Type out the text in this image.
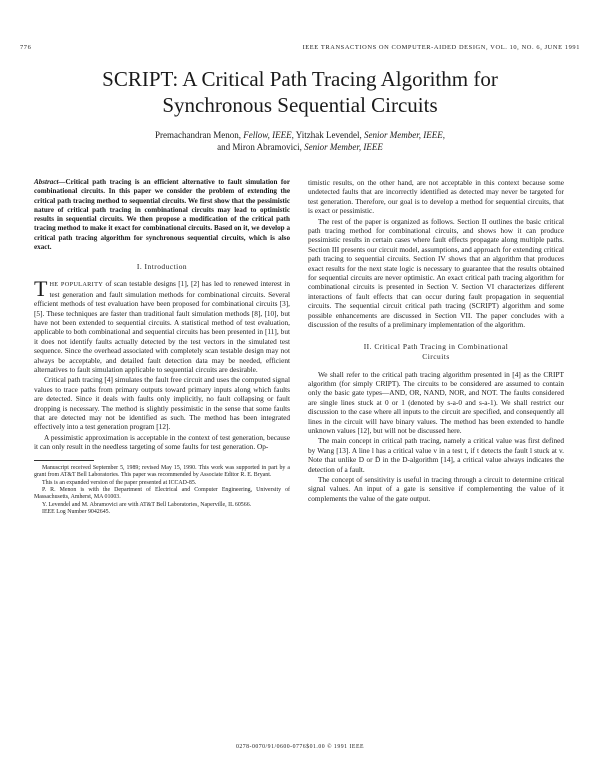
776	IEEE TRANSACTIONS ON COMPUTER-AIDED DESIGN, VOL. 10, NO. 6, JUNE 1991
SCRIPT: A Critical Path Tracing Algorithm for
Synchronous Sequential Circuits
Premachandran Menon, Fellow, IEEE, Yitzhak Levendel, Senior Member, IEEE,
and Miron Abramovici, Senior Member, IEEE

Abstract—Critical path tracing is an efficient alternative to fault simulation for combinational circuits. In this paper we consider the problem of extending the critical path tracing method to sequential circuits. We first show that the pessimistic nature of critical path tracing in combinational circuits may lead to optimistic results in sequential circuits. We then propose a modification of the critical path tracing method to make it exact for combinational circuits. Based on it, we develop a critical path tracing algorithm for synchronous sequential circuits, which is also exact.

I. Introduction

THE POPULARITY of scan testable designs [1], [2] has led to renewed interest in test generation and fault simulation methods for combinational circuits. Several efficient methods of test evaluation have been proposed for combinational circuits [3], [5]. These techniques are faster than traditional fault simulation methods [8], [10], but have not been extended to sequential circuits. A statistical method of test evaluation, applicable to both combinational and sequential circuits has been presented in [11], but it does not identify faults actually detected by the test vectors in the simulated test sequence. Since the overhead associated with completely scan testable design may not always be acceptable, and detailed fault detection data may be needed, efficient alternatives to fault simulation applicable to sequential circuits are desirable.

Critical path tracing [4] simulates the fault free circuit and uses the computed signal values to trace paths from primary outputs toward primary inputs along which faults are detected. Since it deals with faults only implicitly, no fault collapsing or fault dropping is necessary. The method is slightly pessimistic in the sense that some faults that are detected may not be identified as such. The method has been integrated effectively into a test generation program [12].

A pessimistic approximation is acceptable in the context of test generation, because it can only result in the needless targeting of some faults for test generation. Op-

Manuscript received September 5, 1989; revised May 15, 1990. This work was supported in part by a grant from AT&T Bell Laboratories. This paper was recommended by Associate Editor R. E. Bryant.

This is an expanded version of the paper presented at ICCAD-85.

P. R. Menon is with the Department of Electrical and Computer Engineering, University of Massachusetts, Amherst, MA 01003.

Y. Levendel and M. Abramovici are with AT&T Bell Laboratories, Naperville, IL 60566.

IEEE Log Number 9042645.

timistic results, on the other hand, are not acceptable in this context because some undetected faults that are incorrectly identified as detected may never be targeted for test generation. Therefore, our goal is to develop a method for sequential circuits, that is exact or pessimistic.

The rest of the paper is organized as follows. Section II outlines the basic critical path tracing method for combinational circuits, and shows how it can produce pessimistic results in certain cases where fault effects propagate along multiple paths. Section III presents our circuit model, assumptions, and approach for extending critical path tracing to sequential circuits. Section IV shows that an algorithm that produces exact results for the next state logic is necessary to guarantee that the results obtained for sequential circuits are never optimistic. An exact critical path tracing algorithm for combinational circuits is presented in Section V. Section VI characterizes different interactions of fault effects that can occur during fault propagation in sequential circuits. The sequential circuit critical path tracing (SCRIPT) algorithm and some possible enhancements are discussed in Section VII. The paper concludes with a discussion of the results of a preliminary implementation of the algorithm.

II. Critical Path Tracing in Combinational
Circuits

We shall refer to the critical path tracing algorithm presented in [4] as the CRIPT algorithm (for simply CRIPT). The circuits to be considered are assumed to contain only the basic gate types—AND, OR, NAND, NOR, and NOT. The faults considered are single lines stuck at 0 or 1 (denoted by s-a-0 and s-a-1). We shall restrict our discussion to the case where all inputs to the circuit are specified, and consequently all lines in the circuit will have binary values. The method has been extended to handle unknown values [12], but will not be discussed here.

The main concept in critical path tracing, namely a critical value was first defined by Wang [13]. A line l has a critical value v in a test t, if t detects the fault l stuck at v. Note that unlike D or D̄ in the D-algorithm [14], a critical value always indicates the detection of a fault.

The concept of sensitivity is useful in tracing through a circuit to determine critical signal values. An input of a gate is sensitive if complementing the value of it complements the value of the gate output.

0278-0070/91/0600-0776$01.00 © 1991 IEEE
